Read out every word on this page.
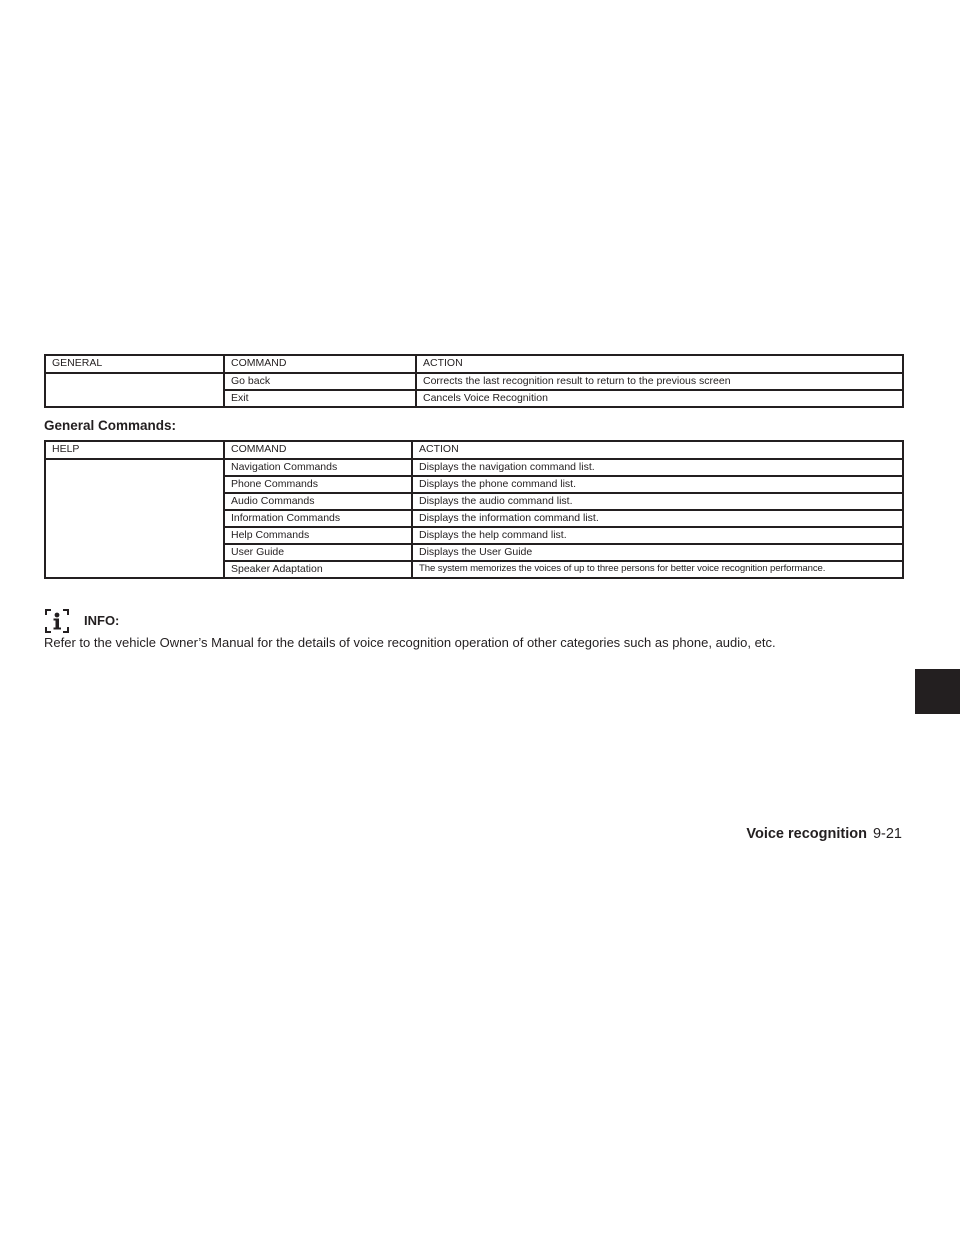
GENERAL	COMMAND	ACTION
	Go back	Corrects the last recognition result to return to the previous screen
	Exit	Cancels Voice Recognition
General Commands:
HELP	COMMAND	ACTION
	Navigation Commands	Displays the navigation command list.
	Phone Commands	Displays the phone command list.
	Audio Commands	Displays the audio command list.
	Information Commands	Displays the information command list.
	Help Commands	Displays the help command list.
	User Guide	Displays the User Guide
	Speaker Adaptation	The system memorizes the voices of up to three persons for better voice recognition performance.
INFO:
Refer to the vehicle Owner’s Manual for the details of voice recognition operation of other categories such as phone, audio, etc.
Voice recognition 9-21
